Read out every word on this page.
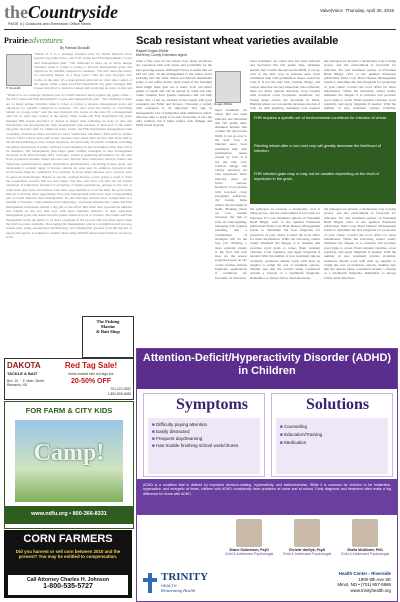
theCountryside
PAGE 4 | Outdoors and Extension Office News
Valve|Voice Thursday, April 30, 2015
Prairieadventures
By Patricia Stockdill
P. Stockdill
"Think of it as a strategic business plan for North Dakota's most popular big game critter—the N.D. Game and Fish Department's 5-year deer management plan. "The challenge is there are so many unique variables when it comes to trying to develop management goals and objectives for wildlife compared to business. "We don't have the luxury of controlling habitat on a large scale," said the deer biologist who works on the plan. It's a management plan but we don't take control of the supply chain. Game and Fish Department big game manager Bill Jensen described it. Jensen is tasked with analyzing an array of data and
"Think of it as a strategic business plan for North Dakota's most popular big game critter—the N.D. Game and Fish Department's 5-year deer management plan. "The challenge is there are so many unique variables when it comes to trying to develop management goals and objectives for wildlife compared to business. "We don't have the luxury of controlling habitat on a large scale," said the deer biologist who works on the plan. It's a management plan but we don't take control of the supply chain. Game and Fish Department big game manager Bill Jensen described it. Jensen is tasked with analyzing an array of data and information and developing the draft management plan package. It then goes to the entire big game biologist staff for additional input. Game and Fish Department management team consisting of division chiefs and director Terry Steinwand, and district field staff for further review. That's critical field staff review because some states don't involve their field staff in the decision making process, Jensen explained. It's then ready for public comment, including upcoming discussions at public advisory board meetings in late November. Only then will it be finalized. The management plan helps guide wildlife managers in deer management decisions from 2016 through 2021. Currently, Jensen is gathering information for the plan from population models, hunter success rates, harvest data, landowner surveys, hunter and landowner questionnaires, hunter observation questionnaires, calculating license goals, and developing a realistic range of license options for each unit. In addition, biological and social issues must be considered. For example, in areas where diseases are a concern, such as epizootic hemorrhagic disease or chronic wasting disease, you're going to want to drive the populations towards that low-end range. You just can't have one size fits all, Jensen explained. If landowner tolerance is accepting of higher populations, perhaps in the case of some mule deer units, and hunters want more opportunities to be in the field, the goal would then be to develop more opportunity. Five-year management plans have been a longstanding part of North Dakota's deer management. It's just that they became more complicated as a handful of licenses—both numbers and complexity—increased dramatically. Game and Fish management techniques remain a big part of the effort. But when deer populations tumbled and remain on the low side now with more huntable numbers of deer, long-term management goals and issues become greater attention. Lots of workers. The Game and Fish Department wants the public to be more cognizant of the process and welcomes input when the draft becomes available. Developing the management plan is a straightforward process, Jensen said, using standardized methodology and information gleaned from the myriad of reports the agency is required to submit when using Wildlife Restoration Funds in its survey work.
Scab resistant wheat varieties available
Raquel Dugan-Dibble
McHenry County Extension Agent
Dugan-Dibble
After a fine year for the wheat crop, many producers are concerned with scab issues and possibility for the next growing season. Although I know it seems like we had last year, all the management to the wheat world probably isn't the same. When you harvest marketable grain, it can suffer drastic yield losses if the fusarium head blight issue gets out of hand. Scab can infect spikes or heads and can be spread by wind and rain. Some varieties have genetic resistance and can help some. Two of the top varieties in this region with good resistance are Faller and Prosper. Choosing a variety with resistance is an important first step in management. Use of fungicides adds additional control. The best time to apply is at early flowering. It isn't the only solution, but it helps reduce scab damage and DON levels in grain.
Seed treatment: As wheat that has been infected and harvested this fall yields dark, shrunken kernels that contain the mycotoxin DON, it can go over to the next crop as infected seed. Seed treatments help with germination issues caused by scab. It is not the only tool; rotation, tillage, and variety selection are very important. Once infected, there are fewer options. Rotation: Crop rotation with non-host crops (soybeans, sunflower, dry beans) helps reduce the inoculum in fields. Planting wheat on corn stubble increases the risk of scab. As with anything, managing scab requires planning, and a combination of strategies will do the best job. Planting a more resistant variety is the first and best step. As the season progresses keep an eye on the weather and use fungicide applications if conditions are favorable for infection.
Seed treatment: As wheat that has been infected and harvested this fall yields dark, shrunken kernels that contain the mycotoxin DON, it can go over to the next crop as infected seed. Seed treatments help with germination issues caused by scab. It is not the only tool; rotation, tillage, and variety selection are very important. Once infected, there are fewer options. Rotation: Crop rotation with non-host crops (soybeans, sunflower, dry beans) helps reduce the inoculum in fields. Planting wheat on corn stubble increases the risk of scab. As with anything, managing scab requires
the pathogen are present, a moderately crop is being grown, and the environment is favorable for infection. For real treatment options on Fusarium Head Blight, refer to the updated Extension publication Field Crop Plant Disease Management Guide to determine the best fungicide for protection of your wheat. Contact the local office for more information. While the following cannot totally eliminate the fungus, it is resistant and provides good grain to rotate. Plant resistant varieties, scout regularly, and apply fungicide if needed. With the number of new treatment options available,
FHB requires a specific set of environmental conditions for infection of wheat.
Planting wheat after a non-host crop will greatly decrease the likelihood of infection.
FHB infected grain may or may not be useable depending on the level of mycotoxin in the grain.
the pathogen are present, a moderately crop is being grown, and the environment is favorable for infection. For real treatment options on Fusarium Head Blight, refer to the updated Extension publication Field Crop Plant Disease Management Guide to determine the best fungicide for protection of your wheat. Contact the local office for more information. While the following cannot totally eliminate the fungus, it is resistant and provides good grain to rotate. Plant resistant varieties, scout regularly, and apply fungicide if needed. With the number of new treatment options available, producers should work with their ag supplier to weigh the cost of treatment options, making sure that the options being considered include a triazole or a strobilurin fungicide. Remember to always follow label directions.
the pathogen are present, a moderately crop is being grown, and the environment is favorable for infection. For real treatment options on Fusarium Head Blight, refer to the updated Extension publication Field Crop Plant Disease Management Guide to determine the best fungicide for protection of your wheat. Contact the local office for more information. While the following cannot totally eliminate the fungus, it is resistant and provides good grain to rotate. Plant resistant varieties, scout regularly, and apply fungicide if needed. With the number of new treatment options available, producers should work with their ag supplier to weigh the cost of treatment options, making sure that the options being considered include a triazole or a strobilurin fungicide. Remember to always follow label directions.
The Fishing
Marine
& Bait Shop
DAKOTA
TACKLE & BAIT
Box 10 · 6 Main Street, Bismarck, ND
Red Tag Sale!
items marked with red tags are
20-50% OFF
701-222-3592
1-800-895-4665
FOR FARM & CITY KIDS
Camp!
www.ndfu.org • 800-366-8331
CORN FARMERS
Did you harvest or sell corn between 2010 and the present? You may be entitled to compensation.
Call Attorney Charles H. Johnson
1-800-535-5727
Attention-Deficit/Hyperactivity Disorder (ADHD) in Children
Symptoms
■ Difficulty paying attention
■ Easily distracted
■ Frequent daydreaming
■ Has trouble finishing school work/chores
Solutions
■ Counseling
■ Education/Training
■ Medication
ADHD is a condition that is defined by impulsive decision-making, hyperactivity, and inattentiveness. While it is common for children to be inattentive, hyperactive, and energetic at times, children with ADHD consistently have problems at home and at school. Early diagnosis and treatment often make a big difference for those with ADHD.
Shane Gulbertson, PsyD
Child & Adolescent Psychologist
Christie VanDyk, PsyD
Child & Adolescent Psychologist
Sheila McAllister, PhD
Child & Adolescent Psychologist
TRINITY
HEALTH
Reinventing Health
Health Center - Riverside
1900 8th Ave SE
Minot, ND • (701) 857-5986
www.trinityhealth.org
